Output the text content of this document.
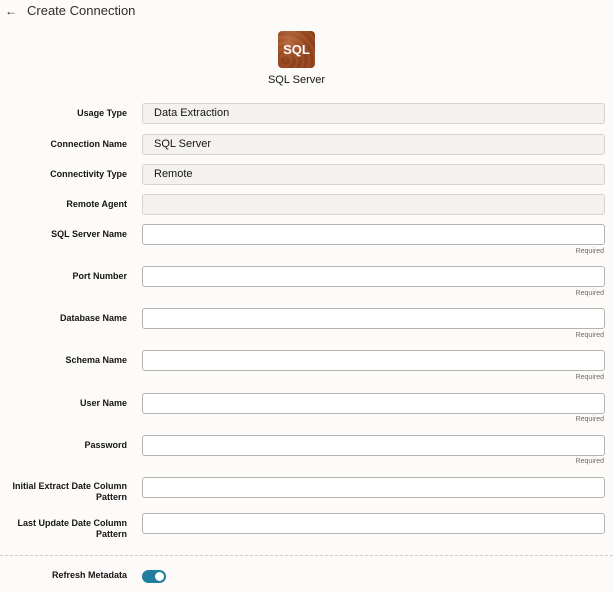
← Create Connection
SQL
SQL Server
Usage Type	Data Extraction
Connection Name	SQL Server
Connectivity Type	Remote
Remote Agent
SQL Server Name
Required
Port Number
Required
Database Name
Required
Schema Name
Required
User Name
Required
Password
Required
Initial Extract Date Column
Pattern
Last Update Date Column
Pattern
Refresh Metadata
